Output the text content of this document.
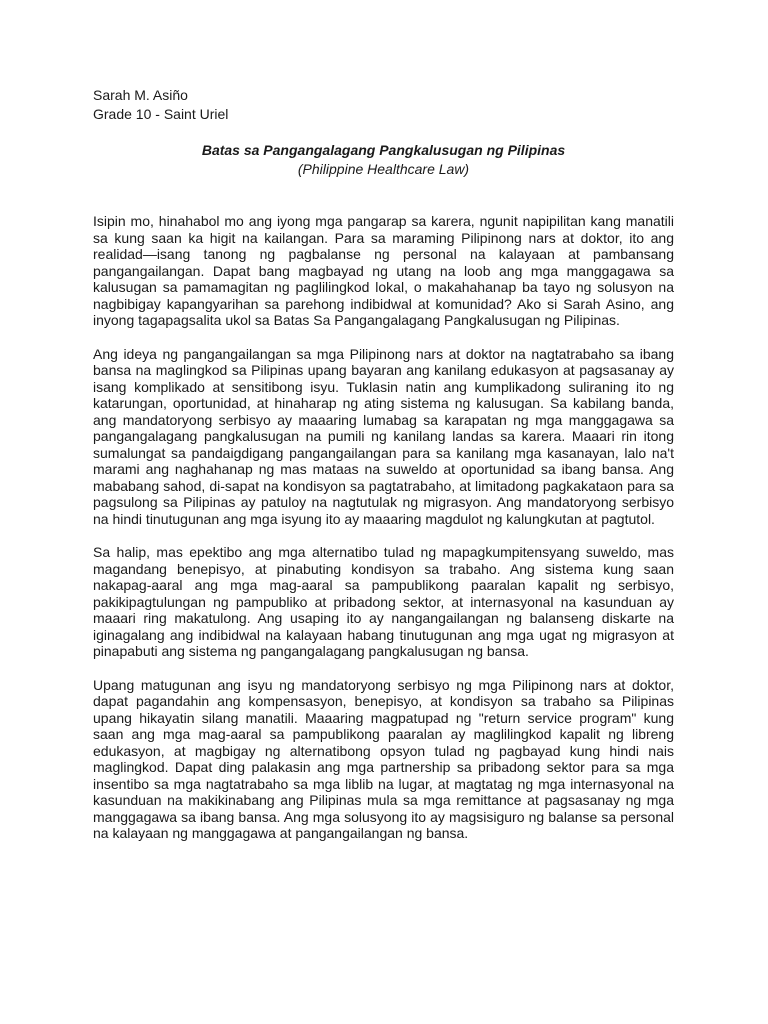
Sarah M. Asiño

Grade 10 - Saint Uriel

Batas sa Pangangalagang Pangkalusugan ng Pilipinas

(Philippine Healthcare Law)

Isipin mo, hinahabol mo ang iyong mga pangarap sa karera, ngunit napipilitan kang manatili sa kung saan ka higit na kailangan. Para sa maraming Pilipinong nars at doktor, ito ang realidad—isang tanong ng pagbalanse ng personal na kalayaan at pambansang pangangailangan. Dapat bang magbayad ng utang na loob ang mga manggagawa sa kalusugan sa pamamagitan ng paglilingkod lokal, o makahahanap ba tayo ng solusyon na nagbibigay kapangyarihan sa parehong indibidwal at komunidad? Ako si Sarah Asino, ang inyong tagapagsalita ukol sa Batas Sa Pangangalagang Pangkalusugan ng Pilipinas.

Ang ideya ng pangangailangan sa mga Pilipinong nars at doktor na nagtatrabaho sa ibang bansa na maglingkod sa Pilipinas upang bayaran ang kanilang edukasyon at pagsasanay ay isang komplikado at sensitibong isyu. Tuklasin natin ang kumplikadong suliraning ito ng katarungan, oportunidad, at hinaharap ng ating sistema ng kalusugan. Sa kabilang banda, ang mandatoryong serbisyo ay maaaring lumabag sa karapatan ng mga manggagawa sa pangangalagang pangkalusugan na pumili ng kanilang landas sa karera. Maaari rin itong sumalungat sa pandaigdigang pangangailangan para sa kanilang mga kasanayan, lalo na't marami ang naghahanap ng mas mataas na suweldo at oportunidad sa ibang bansa. Ang mababang sahod, di-sapat na kondisyon sa pagtatrabaho, at limitadong pagkakataon para sa pagsulong sa Pilipinas ay patuloy na nagtutulak ng migrasyon. Ang mandatoryong serbisyo na hindi tinutugunan ang mga isyung ito ay maaaring magdulot ng kalungkutan at pagtutol.

Sa halip, mas epektibo ang mga alternatibo tulad ng mapagkumpitensyang suweldo, mas magandang benepisyo, at pinabuting kondisyon sa trabaho. Ang sistema kung saan nakapag-aaral ang mga mag-aaral sa pampublikong paaralan kapalit ng serbisyo, pakikipagtulungan ng pampubliko at pribadong sektor, at internasyonal na kasunduan ay maaari ring makatulong. Ang usaping ito ay nangangailangan ng balanseng diskarte na iginagalang ang indibidwal na kalayaan habang tinutugunan ang mga ugat ng migrasyon at pinapabuti ang sistema ng pangangalagang pangkalusugan ng bansa.

Upang matugunan ang isyu ng mandatoryong serbisyo ng mga Pilipinong nars at doktor, dapat pagandahin ang kompensasyon, benepisyo, at kondisyon sa trabaho sa Pilipinas upang hikayatin silang manatili. Maaaring magpatupad ng "return service program" kung saan ang mga mag-aaral sa pampublikong paaralan ay maglilingkod kapalit ng libreng edukasyon, at magbigay ng alternatibong opsyon tulad ng pagbayad kung hindi nais maglingkod. Dapat ding palakasin ang mga partnership sa pribadong sektor para sa mga insentibo sa mga nagtatrabaho sa mga liblib na lugar, at magtatag ng mga internasyonal na kasunduan na makikinabang ang Pilipinas mula sa mga remittance at pagsasanay ng mga manggagawa sa ibang bansa. Ang mga solusyong ito ay magsisiguro ng balanse sa personal na kalayaan ng manggagawa at pangangailangan ng bansa.
